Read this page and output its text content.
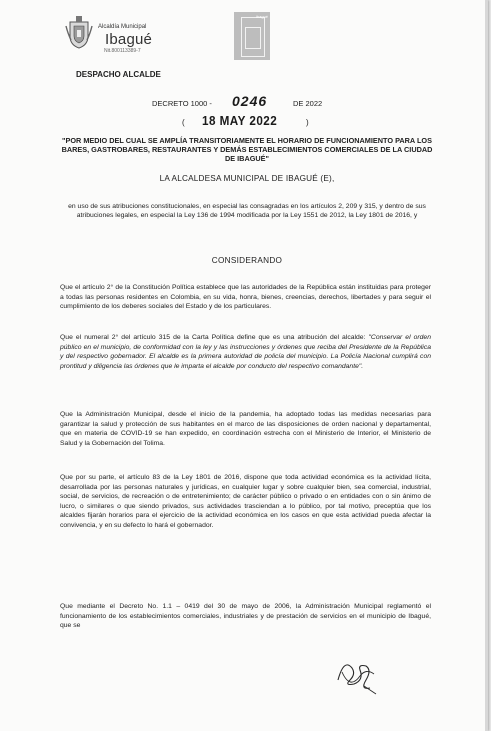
Alcaldía Municipal
Ibagué
Nit.800113389-7
ibagué
DESPACHO ALCALDE
DECRETO 1000 - 0246	DE 2022
( 18 MAY 2022	)
"POR MEDIO DEL CUAL SE AMPLÍA TRANSITORIAMENTE EL HORARIO DE FUNCIONAMIENTO PARA LOS BARES, GASTROBARES, RESTAURANTES Y DEMÁS ESTABLECIMIENTOS COMERCIALES DE LA CIUDAD DE IBAGUÉ"
LA ALCALDESA MUNICIPAL DE IBAGUÉ (E),
en uso de sus atribuciones constitucionales, en especial las consagradas en los artículos 2, 209 y 315, y dentro de sus atribuciones legales, en especial la Ley 136 de 1994 modificada por la Ley 1551 de 2012, la Ley 1801 de 2016, y
CONSIDERANDO
Que el artículo 2° de la Constitución Política establece que las autoridades de la República están instituidas para proteger a todas las personas residentes en Colombia, en su vida, honra, bienes, creencias, derechos, libertades y para seguir el cumplimiento de los deberes sociales del Estado y de los particulares.
Que el numeral 2° del artículo 315 de la Carta Política define que es una atribución del alcalde: "Conservar el orden público en el municipio, de conformidad con la ley y las instrucciones y órdenes que reciba del Presidente de la República y del respectivo gobernador. El alcalde es la primera autoridad de policía del municipio. La Policía Nacional cumplirá con prontitud y diligencia las órdenes que le imparta el alcalde por conducto del respectivo comandante".
Que la Administración Municipal, desde el inicio de la pandemia, ha adoptado todas las medidas necesarias para garantizar la salud y protección de sus habitantes en el marco de las disposiciones de orden nacional y departamental, que en materia de COVID-19 se han expedido, en coordinación estrecha con el Ministerio de Interior, el Ministerio de Salud y la Gobernación del Tolima.
Que por su parte, el artículo 83 de la Ley 1801 de 2016, dispone que toda actividad económica es la actividad lícita, desarrollada por las personas naturales y jurídicas, en cualquier lugar y sobre cualquier bien, sea comercial, industrial, social, de servicios, de recreación o de entretenimiento; de carácter público o privado o en entidades con o sin ánimo de lucro, o similares o que siendo privados, sus actividades trasciendan a lo público, por tal motivo, preceptúa que los alcaldes fijarán horarios para el ejercicio de la actividad económica en los casos en que esta actividad pueda afectar la convivencia, y en su defecto lo hará el gobernador.
Que mediante el Decreto No. 1.1 – 0419 del 30 de mayo de 2006, la Administración Municipal reglamentó el funcionamiento de los establecimientos comerciales, industriales y de prestación de servicios en el municipio de Ibagué, que se
